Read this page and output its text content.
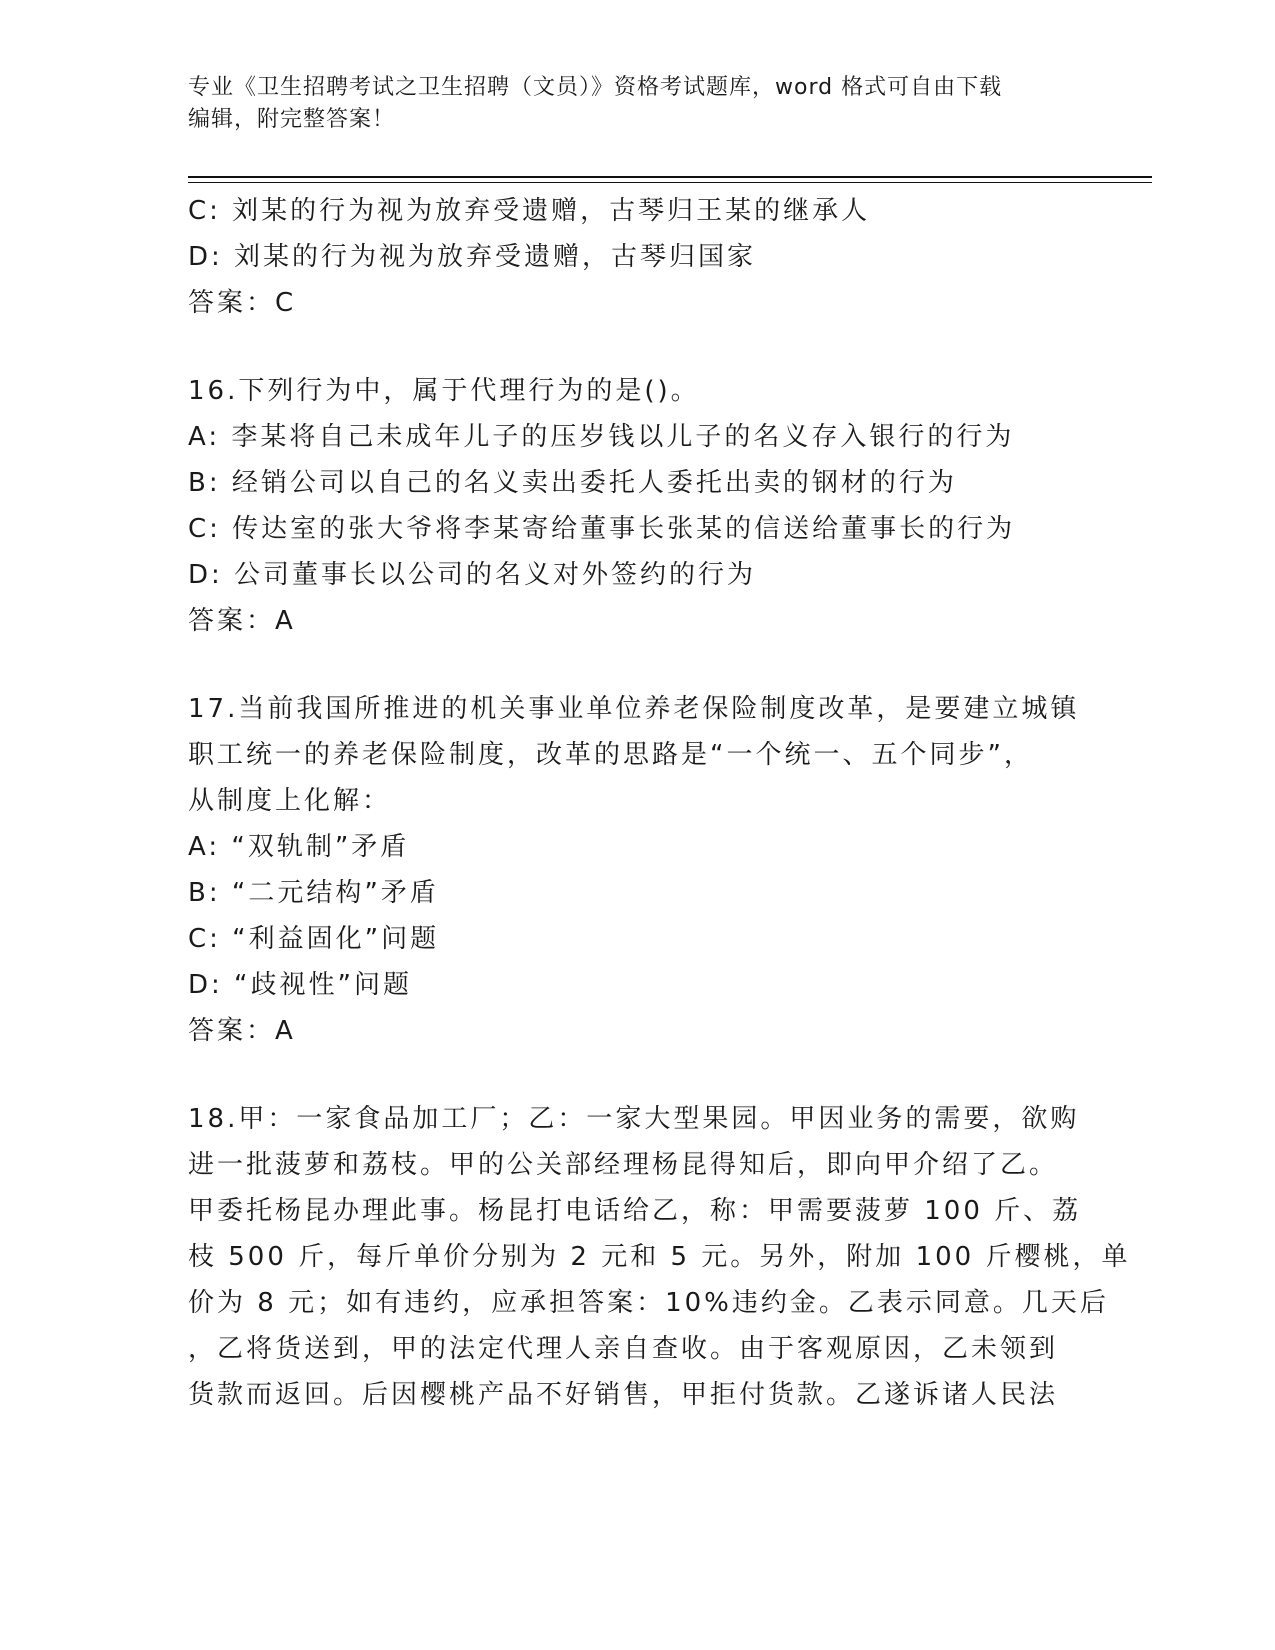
专业《卫生招聘考试之卫生招聘（文员）》资格考试题库，word 格式可自由下载
编辑，附完整答案！
C: 刘某的行为视为放弃受遗赠，古琴归王某的继承人
D: 刘某的行为视为放弃受遗赠，古琴归国家
答案：C
16.下列行为中，属于代理行为的是()。
A: 李某将自己未成年儿子的压岁钱以儿子的名义存入银行的行为
B: 经销公司以自己的名义卖出委托人委托出卖的钢材的行为
C: 传达室的张大爷将李某寄给董事长张某的信送给董事长的行为
D: 公司董事长以公司的名义对外签约的行为
答案：A
17.当前我国所推进的机关事业单位养老保险制度改革，是要建立城镇
职工统一的养老保险制度，改革的思路是“一个统一、五个同步”，
从制度上化解：
A: “双轨制”矛盾
B: “二元结构”矛盾
C: “利益固化”问题
D: “歧视性”问题
答案：A
18.甲：一家食品加工厂；乙：一家大型果园。甲因业务的需要，欲购
进一批菠萝和荔枝。甲的公关部经理杨昆得知后，即向甲介绍了乙。
甲委托杨昆办理此事。杨昆打电话给乙，称：甲需要菠萝 100 斤、荔
枝 500 斤，每斤单价分别为 2 元和 5 元。另外，附加 100 斤樱桃，单
价为 8 元；如有违约，应承担答案：10%违约金。乙表示同意。几天后
，乙将货送到，甲的法定代理人亲自查收。由于客观原因，乙未领到
货款而返回。后因樱桃产品不好销售，甲拒付货款。乙遂诉诸人民法
